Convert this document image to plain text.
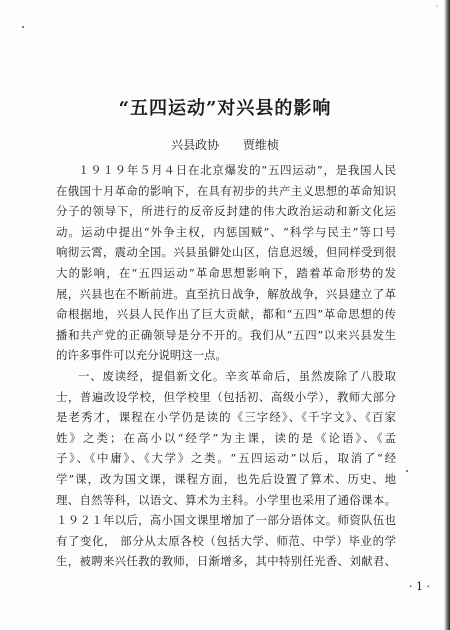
'
“五四运动”对兴县的影响
兴县政协 贾维桢
１９１９年５月４日在北京爆发的“五四运动”，是我国人民
在俄国十月革命的影响下，在具有初步的共产主义思想的革命知识
分子的领导下，所进行的反帝反封建的伟大政治运动和新文化运
动。运动中提出“外争主权，内惩国贼”、“科学与民主”等口号
响彻云霄，震动全国。兴县虽僻处山区，信息迟缓，但同样受到很
大的影响，在“五四运动”革命思想影响下，踏着革命形势的发
展，兴县也在不断前进。直至抗日战争，解放战争，兴县建立了革
命根据地，兴县人民作出了巨大贡献，都和“五四”革命思想的传
播和共产党的正确领导是分不开的。我们从“五四”以来兴县发生
的许多事件可以充分说明这一点。
一、废读经，提倡新文化。辛亥革命后，虽然废除了八股取
士，普遍改设学校，但学校里（包括初、高级小学），教师大部分
是老秀才，课程在小学仍是读的《三字经》、《千字文》、《百家
姓》之类；在高小以“经学”为主课，读的是《论语》、《孟
子》、《中庸》、《大学》之类。“五四运动”以后，取消了“经
学”课，改为国文课，课程方面，也先后设置了算术、历史、地
理、自然等科，以语文、算术为主科。小学里也采用了通俗课本。
１９２１年以后，高小国文课里增加了一部分语体文。师资队伍也
有了变化， 部分从太原各校（包括大学、师范、中学）毕业的学
生，被聘来兴任教的教师，日渐增多，其中特别任光香、刘献君、
· 1 ·
